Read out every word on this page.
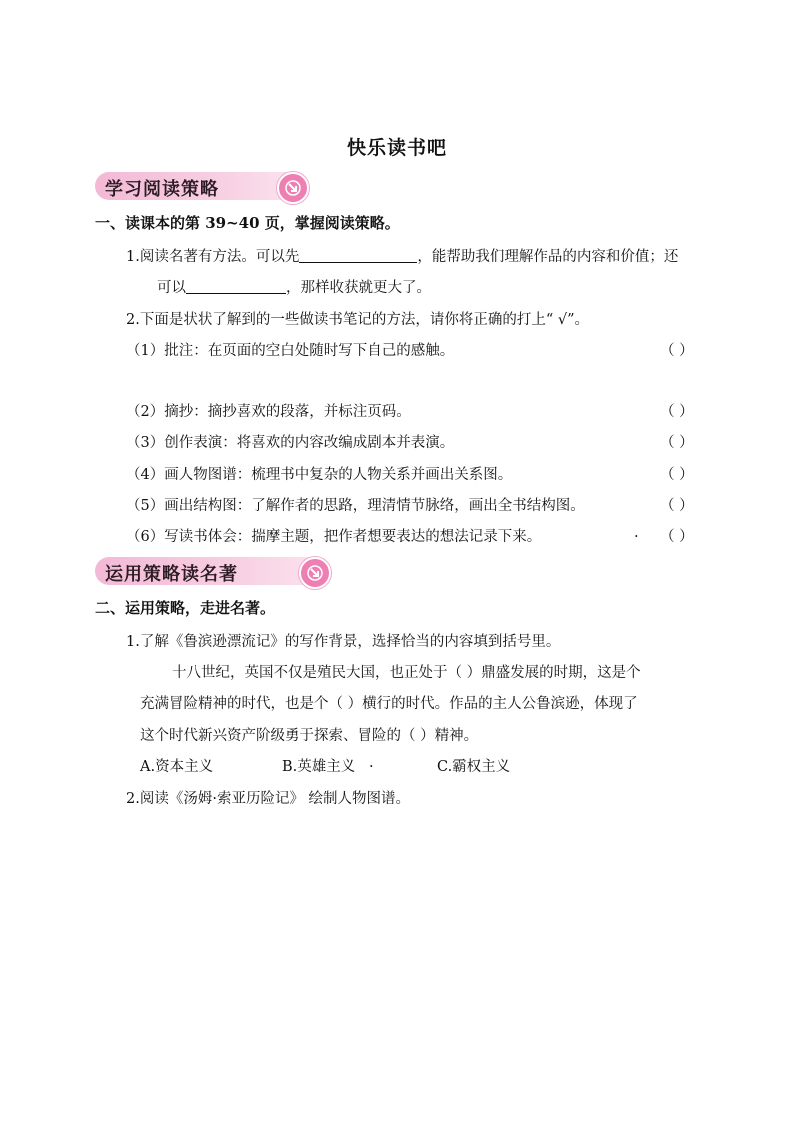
快乐读书吧
学习阅读策略
一、读课本的第 39~40 页，掌握阅读策略。
1.阅读名著有方法。可以先	，能帮助我们理解作品的内容和价值；还
可以	，那样收获就更大了。
2.下面是状状了解到的一些做读书笔记的方法，请你将正确的打上“ √”。
（1）批注：在页面的空白处随时写下自己的感触。	（ ）
（2）摘抄：摘抄喜欢的段落，并标注页码。	（ ）
（3）创作表演：将喜欢的内容改编成剧本并表演。	（ ）
（4）画人物图谱：梳理书中复杂的人物关系并画出关系图。	（ ）
（5）画出结构图：了解作者的思路，理清情节脉络，画出全书结构图。	（ ）
（6）写读书体会：揣摩主题，把作者想要表达的想法记录下来。	. （ ）
运用策略读名著
二、运用策略，走进名著。
1.了解《鲁滨逊漂流记》的写作背景，选择恰当的内容填到括号里。
十八世纪，英国不仅是殖民大国，也正处于（ ）鼎盛发展的时期，这是个
充满冒险精神的时代，也是个（ ）横行的时代。作品的主人公鲁滨逊，体现了
这个时代新兴资产阶级勇于探索、冒险的（ ）精神。
A.资本主义	B.英雄主义 .	C.霸权主义
2.阅读《汤姆·索亚历险记》 绘制人物图谱。
